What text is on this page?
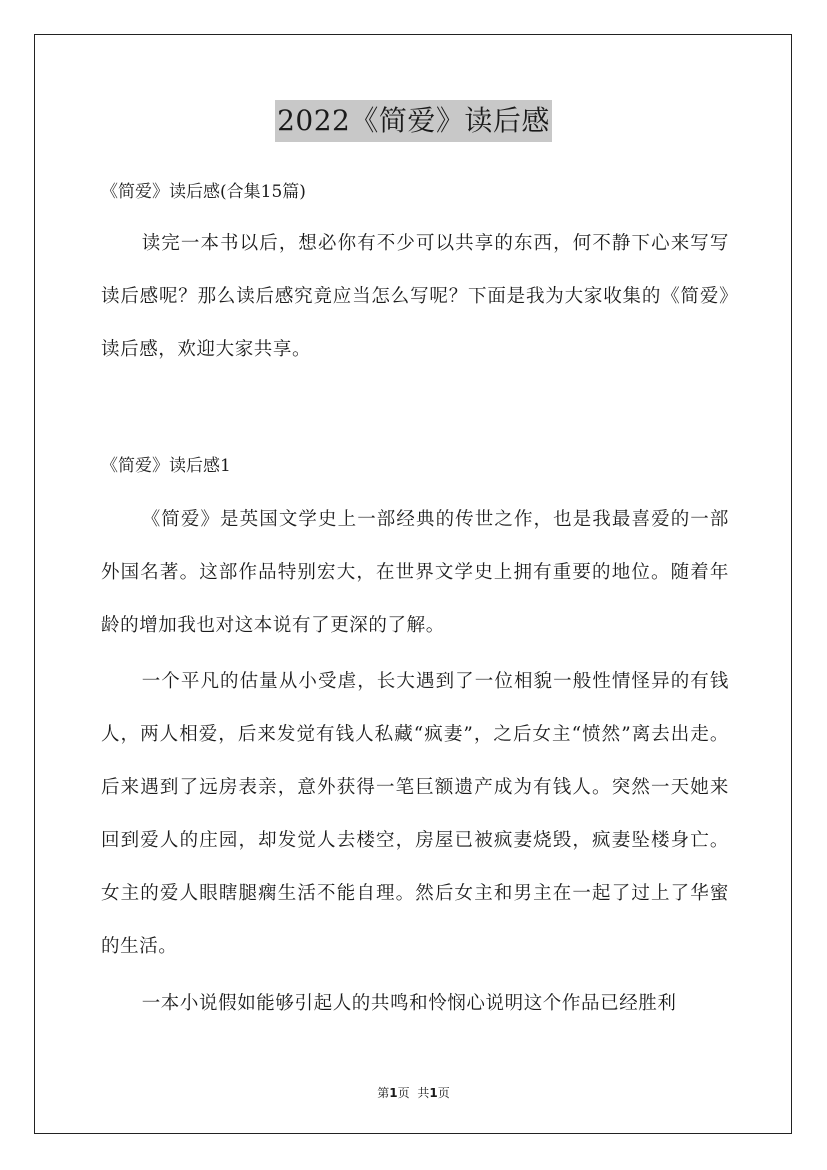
2022《简爱》读后感
《简爱》读后感(合集15篇)

读完一本书以后，想必你有不少可以共享的东西，何不静下心来写写读后感呢？那么读后感究竟应当怎么写呢？下面是我为大家收集的《简爱》读后感，欢迎大家共享。

《简爱》读后感1

《简爱》是英国文学史上一部经典的传世之作，也是我最喜爱的一部外国名著。这部作品特别宏大，在世界文学史上拥有重要的地位。随着年龄的增加我也对这本说有了更深的了解。

一个平凡的估量从小受虐，长大遇到了一位相貌一般性情怪异的有钱人，两人相爱，后来发觉有钱人私藏“疯妻”，之后女主“愤然”离去出走。后来遇到了远房表亲，意外获得一笔巨额遗产成为有钱人。突然一天她来回到爱人的庄园，却发觉人去楼空，房屋已被疯妻烧毁，疯妻坠楼身亡。女主的爱人眼瞎腿瘸生活不能自理。然后女主和男主在一起了过上了华蜜的生活。

一本小说假如能够引起人的共鸣和怜悯心说明这个作品已经胜利

第1页 共1页
